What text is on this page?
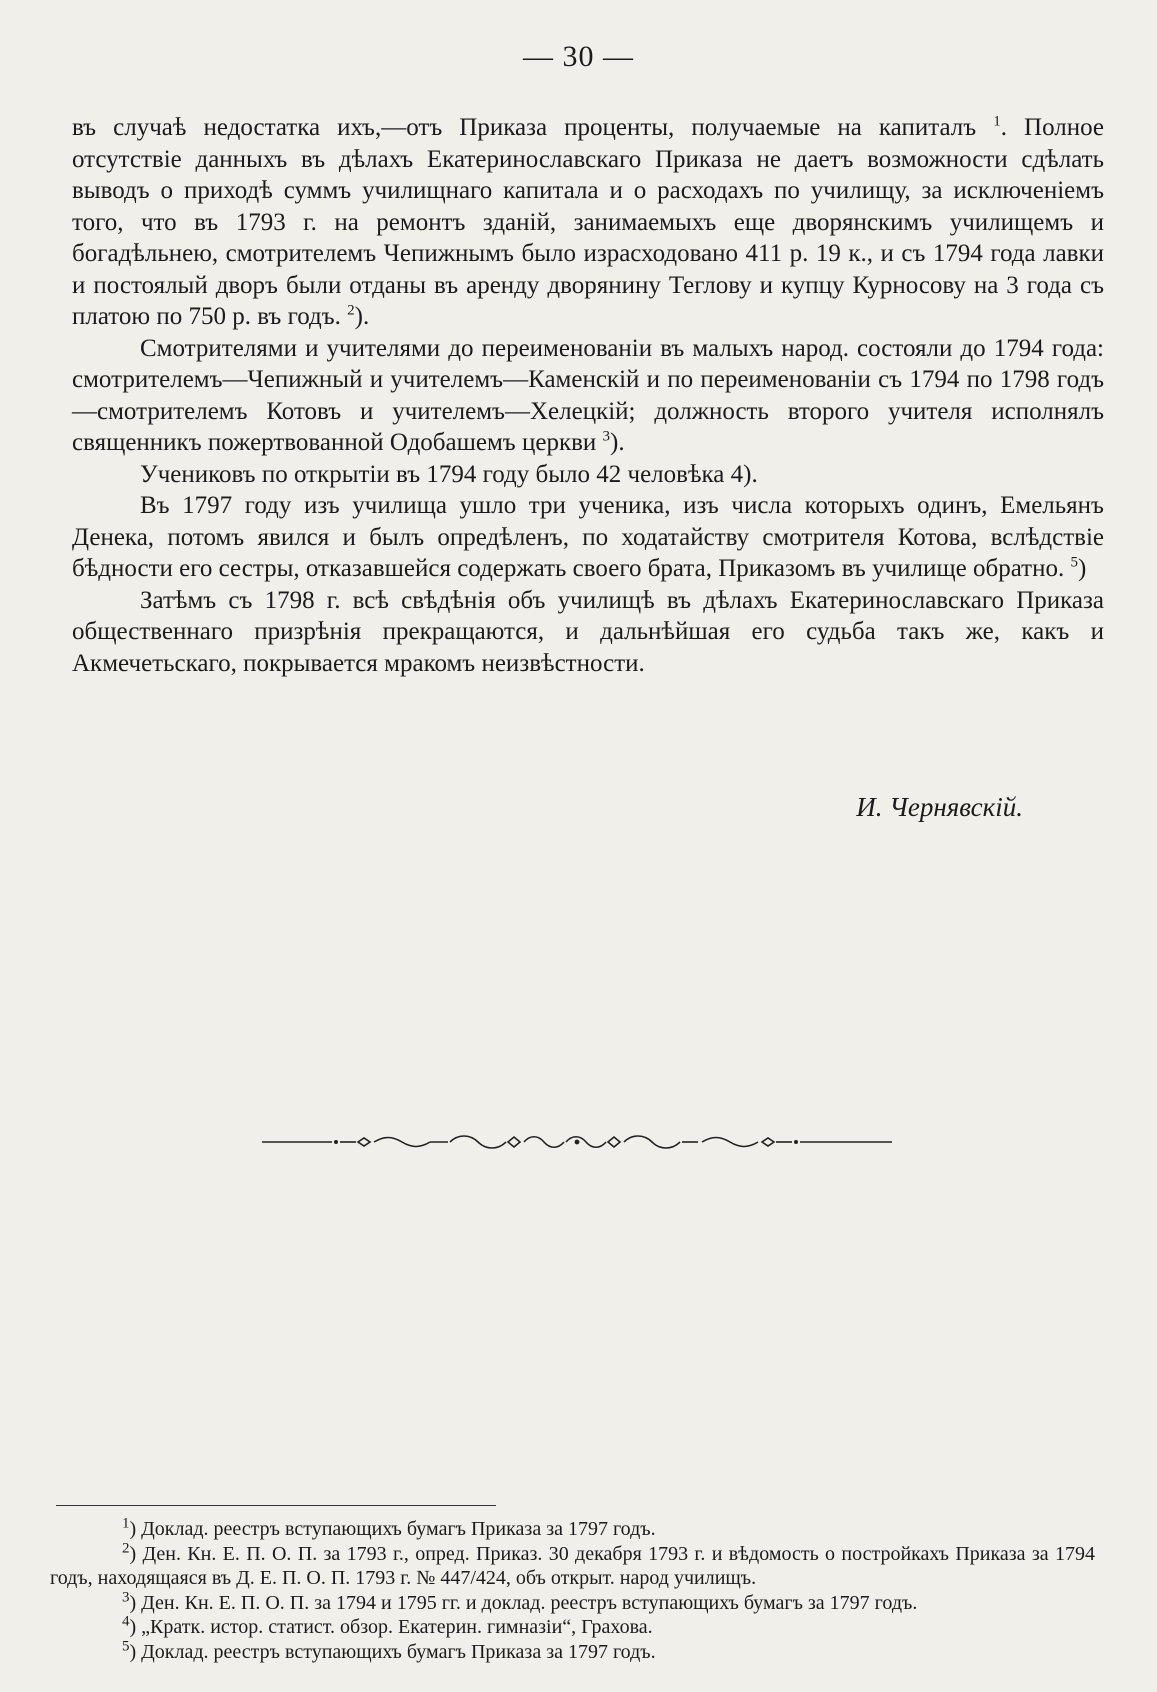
— 30 —

въ случаѣ недостатка ихъ,—отъ Приказа проценты, получаемые на капиталъ $^1$. Полное отсутствіе данныхъ въ дѣлахъ Екатеринославскаго Приказа не даетъ возможности сдѣлать выводъ о приходѣ суммъ училищнаго капитала и о расходахъ по училищу, за исключеніемъ того, что въ 1793 г. на ремонтъ зданій, занимаемыхъ еще дворянскимъ училищемъ и богадѣльнею, смотрителемъ Чепижнымъ было израсходовано 411 р. 19 к., и съ 1794 года лавки и постоялый дворъ были отданы въ аренду дворянину Теглову и купцу Курносову на 3 года съ платою по 750 р. въ годъ. $^2$).

Смотрителями и учителями до переименованіи въ малыхъ народ. состояли до 1794 года: смотрителемъ—Чепижный и учителемъ—Каменскій и по переименованіи съ 1794 по 1798 годъ—смотрителемъ Котовъ и учителемъ—Хелецкій; должность второго учителя исполнялъ священникъ пожертвованной Одобашемъ церкви $^3$).

Учениковъ по открытіи въ 1794 году было 42 человѣка 4).

Въ 1797 году изъ училища ушло три ученика, изъ числа которыхъ одинъ, Емельянъ Денека, потомъ явился и былъ опредѣленъ, по ходатайству смотрителя Котова, вслѣдствіе бѣдности его сестры, отказавшейся содержать своего брата, Приказомъ въ училище обратно. $^5$)

Затѣмъ съ 1798 г. всѣ свѣдѣнія объ училищѣ въ дѣлахъ Екатеринославскаго Приказа общественнаго призрѣнія прекращаются, и дальнѣйшая его судьба такъ же, какъ и Акмечетьскаго, покрывается мракомъ неизвѣстности.

И. Чернявскій.

$^1$) Доклад. реестръ вступающихъ бумагъ Приказа за 1797 годъ.

$^2$) Ден. Кн. Е. П. О. П. за 1793 г., опред. Приказ. 30 декабря 1793 г. и вѣдомость о постройкахъ Приказа за 1794 годъ, находящаяся въ Д. Е. П. О. П. 1793 г. № 447/424, объ открыт. народ училищъ.

$^3$) Ден. Кн. Е. П. О. П. за 1794 и 1795 гг. и доклад. реестръ вступающихъ бумагъ за 1797 годъ.

$^4$) „Кратк. истор. статист. обзор. Екатерин. гимназіи“, Грахова.

$^5$) Доклад. реестръ вступающихъ бумагъ Приказа за 1797 годъ.
